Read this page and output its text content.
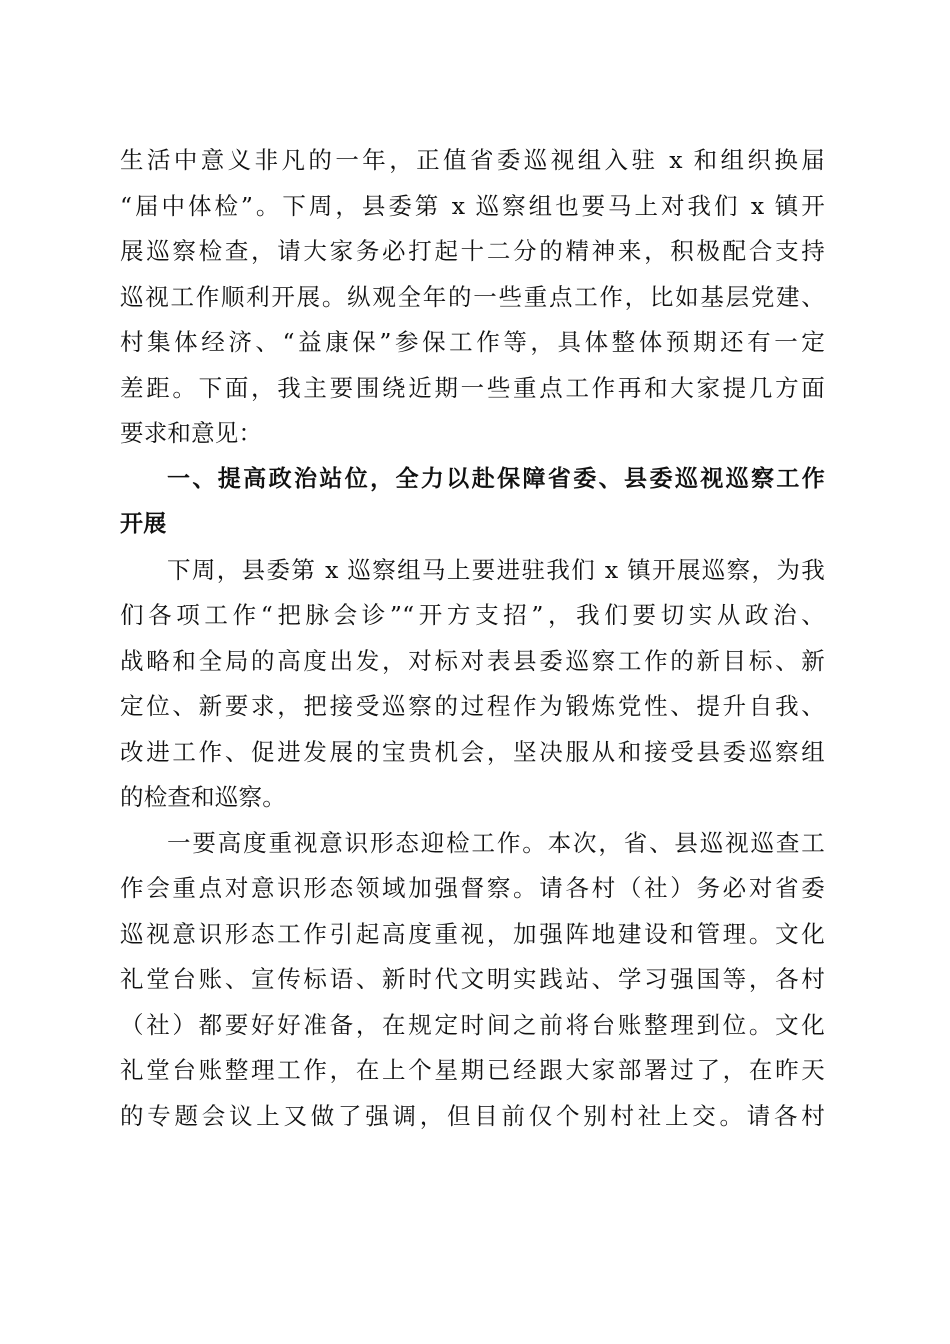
生活中意义非凡的一年，正值省委巡视组入驻 x 和组织换届
“届中体检”。下周，县委第 x 巡察组也要马上对我们 x 镇开
展巡察检查，请大家务必打起十二分的精神来，积极配合支持
巡视工作顺利开展。纵观全年的一些重点工作，比如基层党建、
村集体经济、“益康保”参保工作等，具体整体预期还有一定
差距。下面，我主要围绕近期一些重点工作再和大家提几方面
要求和意见：
一、提高政治站位，全力以赴保障省委、县委巡视巡察工作
开展
下周，县委第 x 巡察组马上要进驻我们 x 镇开展巡察，为我
们各项工作“把脉会诊”“开方支招”，我们要切实从政治、
战略和全局的高度出发，对标对表县委巡察工作的新目标、新
定位、新要求，把接受巡察的过程作为锻炼党性、提升自我、
改进工作、促进发展的宝贵机会，坚决服从和接受县委巡察组
的检查和巡察。
一要高度重视意识形态迎检工作。本次，省、县巡视巡查工
作会重点对意识形态领域加强督察。请各村（社）务必对省委
巡视意识形态工作引起高度重视，加强阵地建设和管理。文化
礼堂台账、宣传标语、新时代文明实践站、学习强国等，各村
（社）都要好好准备，在规定时间之前将台账整理到位。文化
礼堂台账整理工作，在上个星期已经跟大家部署过了，在昨天
的专题会议上又做了强调，但目前仅个别村社上交。请各村
